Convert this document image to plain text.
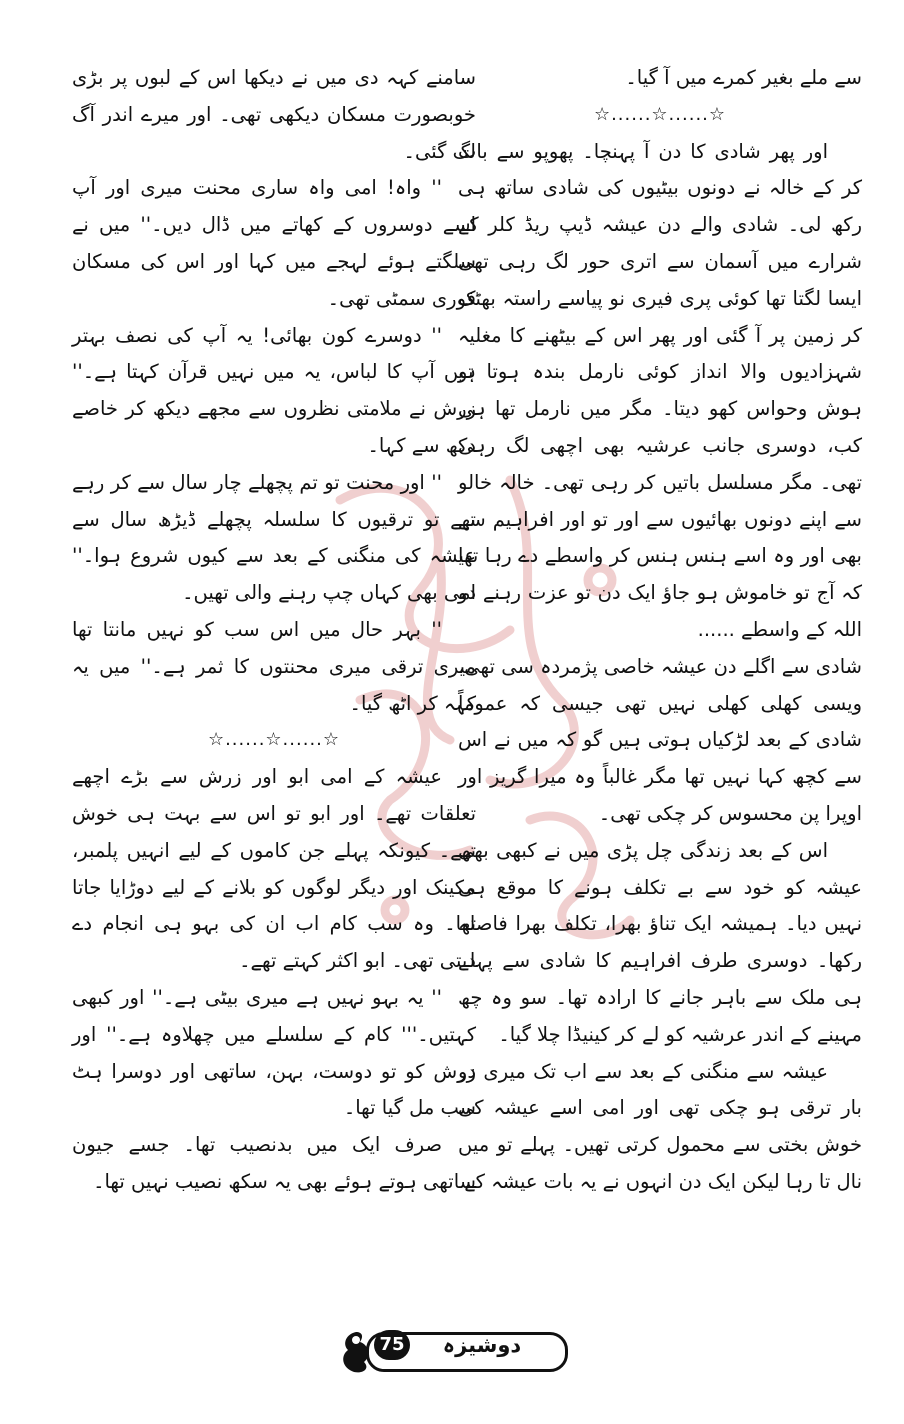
سے ملے بغیر کمرے میں آ گیا۔

☆......☆......☆

اور پھر شادی کا دن آ پہنچا۔ پھوپو سے بات کر کے خالہ نے دونوں بیٹیوں کی شادی ساتھ ہی رکھ لی۔ شادی والے دن عیشہ ڈیپ ریڈ کلر کے شرارے میں آسمان سے اتری حور لگ رہی تھی ایسا لگتا تھا کوئی پری فیری نو پیاسے راستہ بھٹک کر زمین پر آ گئی اور پھر اس کے بیٹھنے کا مغلیہ شہزادیوں والا انداز کوئی نارمل بندہ ہوتا تو ہوش وحواس کھو دیتا۔ مگر میں نارمل تھا ہی کب، دوسری جانب عرشیہ بھی اچھی لگ رہی تھی۔ مگر مسلسل باتیں کر رہی تھی۔ خالہ خالو سے اپنے دونوں بھائیوں سے اور تو اور افراہیم سے بھی اور وہ اسے ہنس ہنس کر واسطے دے رہا تھا کہ آج تو خاموش ہو جاؤ ایک دن تو عزت رہنے دو اللہ کے واسطے ......

شادی سے اگلے دن عیشہ خاصی پژمردہ سی تھی، ویسی کھلی کھلی نہیں تھی جیسی کہ عموماً شادی کے بعد لڑکیاں ہوتی ہیں گو کہ میں نے اس سے کچھ کہا نہیں تھا مگر غالباً وہ میرا گریز اور اوپرا پن محسوس کر چکی تھی۔

اس کے بعد زندگی چل پڑی میں نے کبھی بھی عیشہ کو خود سے بے تکلف ہونے کا موقع ہی نہیں دیا۔ ہمیشہ ایک تناؤ بھرا، تکلف بھرا فاصلہ رکھا۔ دوسری طرف افراہیم کا شادی سے پہلے ہی ملک سے باہر جانے کا ارادہ تھا۔ سو وہ چھ مہینے کے اندر عرشیہ کو لے کر کینیڈا چلا گیا۔

عیشہ سے منگنی کے بعد سے اب تک میری دو بار ترقی ہو چکی تھی اور امی اسے عیشہ کی خوش بختی سے محمول کرتی تھیں۔ پہلے تو میں نال تا رہا لیکن ایک دن انہوں نے یہ بات عیشہ کے

سامنے کہہ دی میں نے دیکھا اس کے لبوں پر بڑی خوبصورت مسکان دیکھی تھی۔ اور میرے اندر آگ لگ گئی۔

'' واہ! امی واہ ساری محنت میری اور آپ اسے دوسروں کے کھاتے میں ڈال دیں۔'' میں نے سلگتے ہوئے لہجے میں کہا اور اس کی مسکان فوری سمٹی تھی۔

'' دوسرے کون بھائی! یہ آپ کی نصف بہتر ہیں آپ کا لباس، یہ میں نہیں قرآن کہتا ہے۔'' زرش نے ملامتی نظروں سے مجھے دیکھ کر خاصے دکھ سے کہا۔

'' اور محنت تو تم پچھلے چار سال سے کر رہے تھے تو ترقیوں کا سلسلہ پچھلے ڈیڑھ سال سے عیشہ کی منگنی کے بعد سے کیوں شروع ہوا۔'' امی بھی کہاں چپ رہنے والی تھیں۔

'' بہر حال میں اس سب کو نہیں مانتا تھا میری ترقی میری محنتوں کا ثمر ہے۔'' میں یہ کہہ کر اٹھ گیا۔

☆......☆......☆

عیشہ کے امی ابو اور زرش سے بڑے اچھے تعلقات تھے۔ اور ابو تو اس سے بہت ہی خوش تھے۔ کیونکہ پہلے جن کاموں کے لیے انہیں پلمبر، مکینک اور دیگر لوگوں کو بلانے کے لیے دوڑایا جاتا تھا۔ وہ سب کام اب ان کی بہو ہی انجام دے دیتی تھی۔ ابو اکثر کہتے تھے۔

'' یہ بہو نہیں ہے میری بیٹی ہے۔'' اور کبھی کہتیں۔''' کام کے سلسلے میں چھلاوہ ہے۔'' اور زرش کو تو دوست، بہن، ساتھی اور دوسرا ہٹ سب مل گیا تھا۔

صرف ایک میں بدنصیب تھا۔ جسے جیون ساتھی ہوتے ہوئے بھی یہ سکھ نصیب نہیں تھا۔

دوشیزہ
75
